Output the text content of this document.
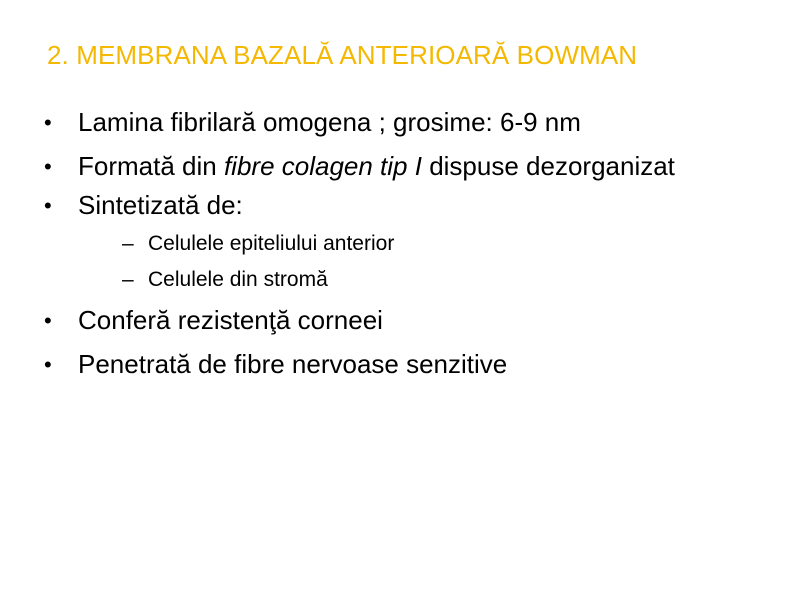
2. MEMBRANA BAZALĂ ANTERIOARĂ BOWMAN
• Lamina fibrilară omogena ; grosime: 6-9 nm
• Formată din fibre colagen tip I dispuse dezorganizat
• Sintetizată de:
– Celulele epiteliului anterior
– Celulele din stromă
• Conferă rezistenţă corneei
• Penetrată de fibre nervoase senzitive
